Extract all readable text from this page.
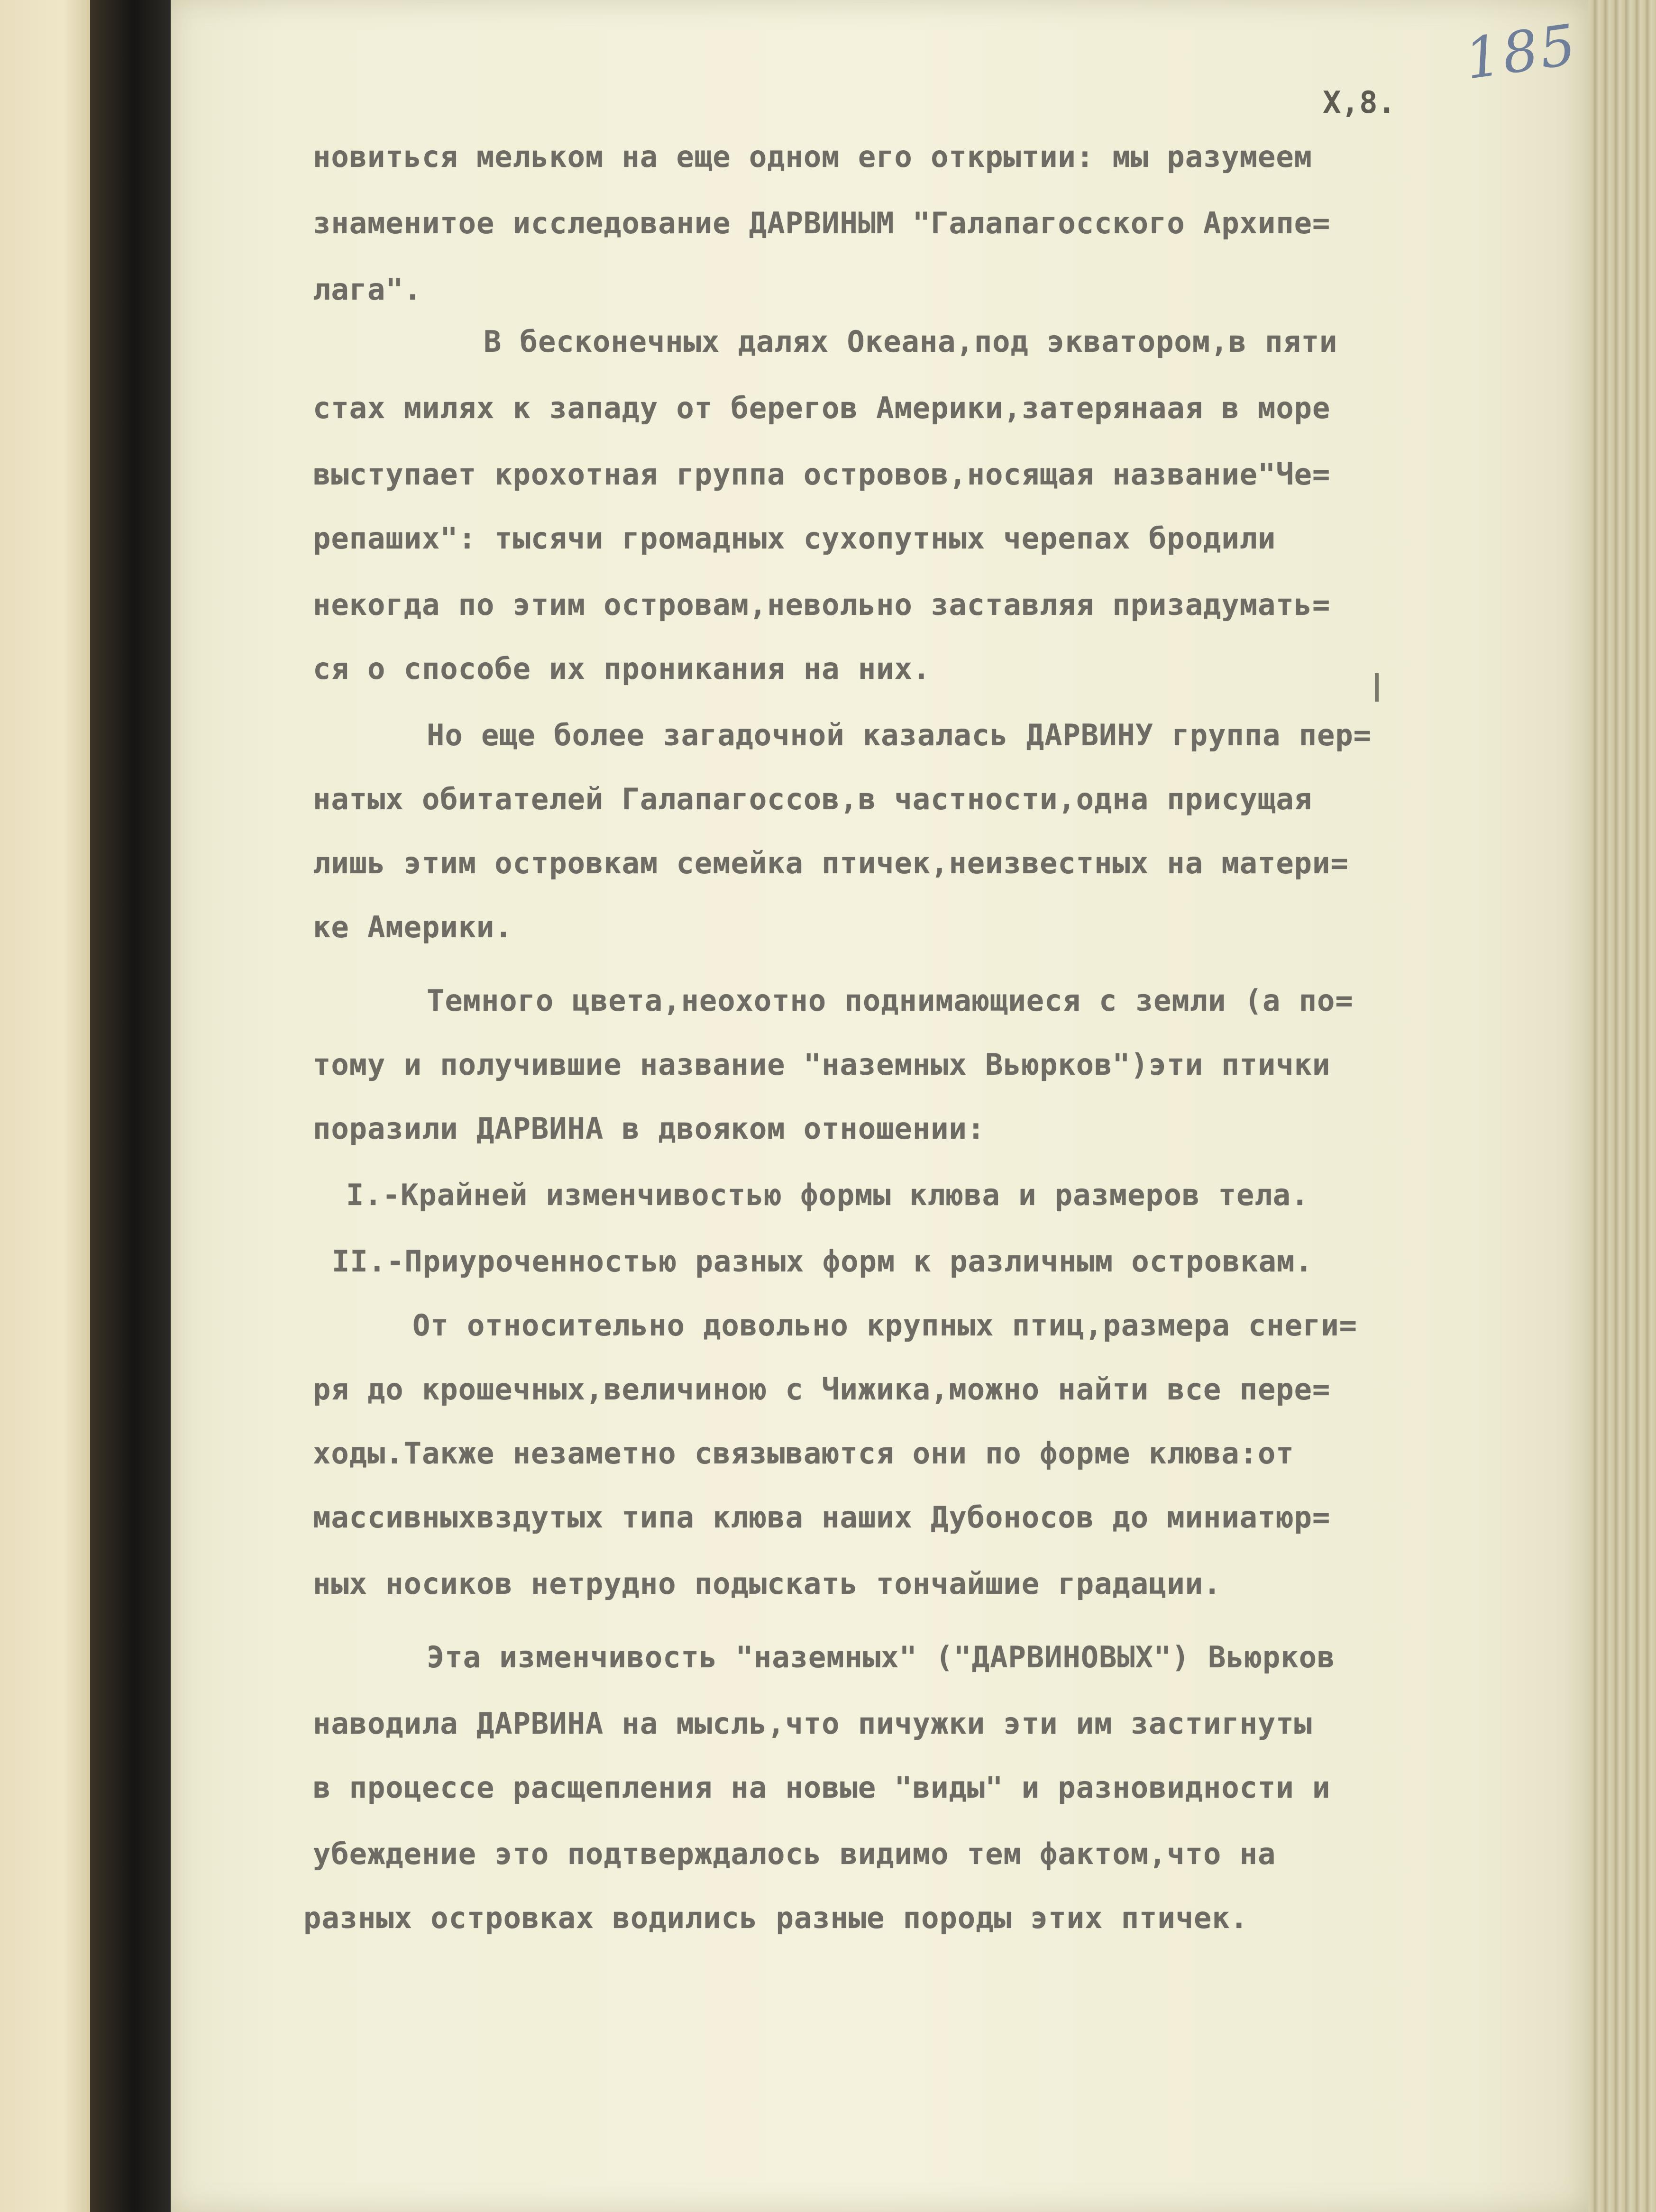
185
X,8.
новиться мельком на еще одном его открытии: мы разумеем
знаменитое исследование ДАРВИНЫМ "Галапагосского Архипе=
лага".
В бесконечных далях Океана,под экватором,в пяти
стах милях к западу от берегов Америки,затерянаая в море
выступает крохотная группа островов,носящая название"Че=
репаших": тысячи громадных сухопутных черепах бродили
некогда по этим островам,невольно заставляя призадумать=
ся о способе их проникания на них.
Но еще более загадочной казалась ДАРВИНУ группа пер=
натых обитателей Галапагоссов,в частности,одна присущая
лишь этим островкам семейка птичек,неизвестных на матери=
ке Америки.
Темного цвета,неохотно поднимающиеся с земли (а по=
тому и получившие название "наземных Вьюрков")эти птички
поразили ДАРВИНА в двояком отношении:
I.-Крайней изменчивостью формы клюва и размеров тела.
II.-Приуроченностью разных форм к различным островкам.
От относительно довольно крупных птиц,размера снеги=
ря до крошечных,величиною с Чижика,можно найти все пере=
ходы.Также незаметно связываются они по форме клюва:от
массивныхвздутых типа клюва наших Дубоносов до миниатюр=
ных носиков нетрудно подыскать тончайшие градации.
Эта изменчивость "наземных" ("ДАРВИНОВЫХ") Вьюрков
наводила ДАРВИНА на мысль,что пичужки эти им застигнуты
в процессе расщепления на новые "виды" и разновидности и
убеждение это подтверждалось видимо тем фактом,что на
разных островках водились разные породы этих птичек.
